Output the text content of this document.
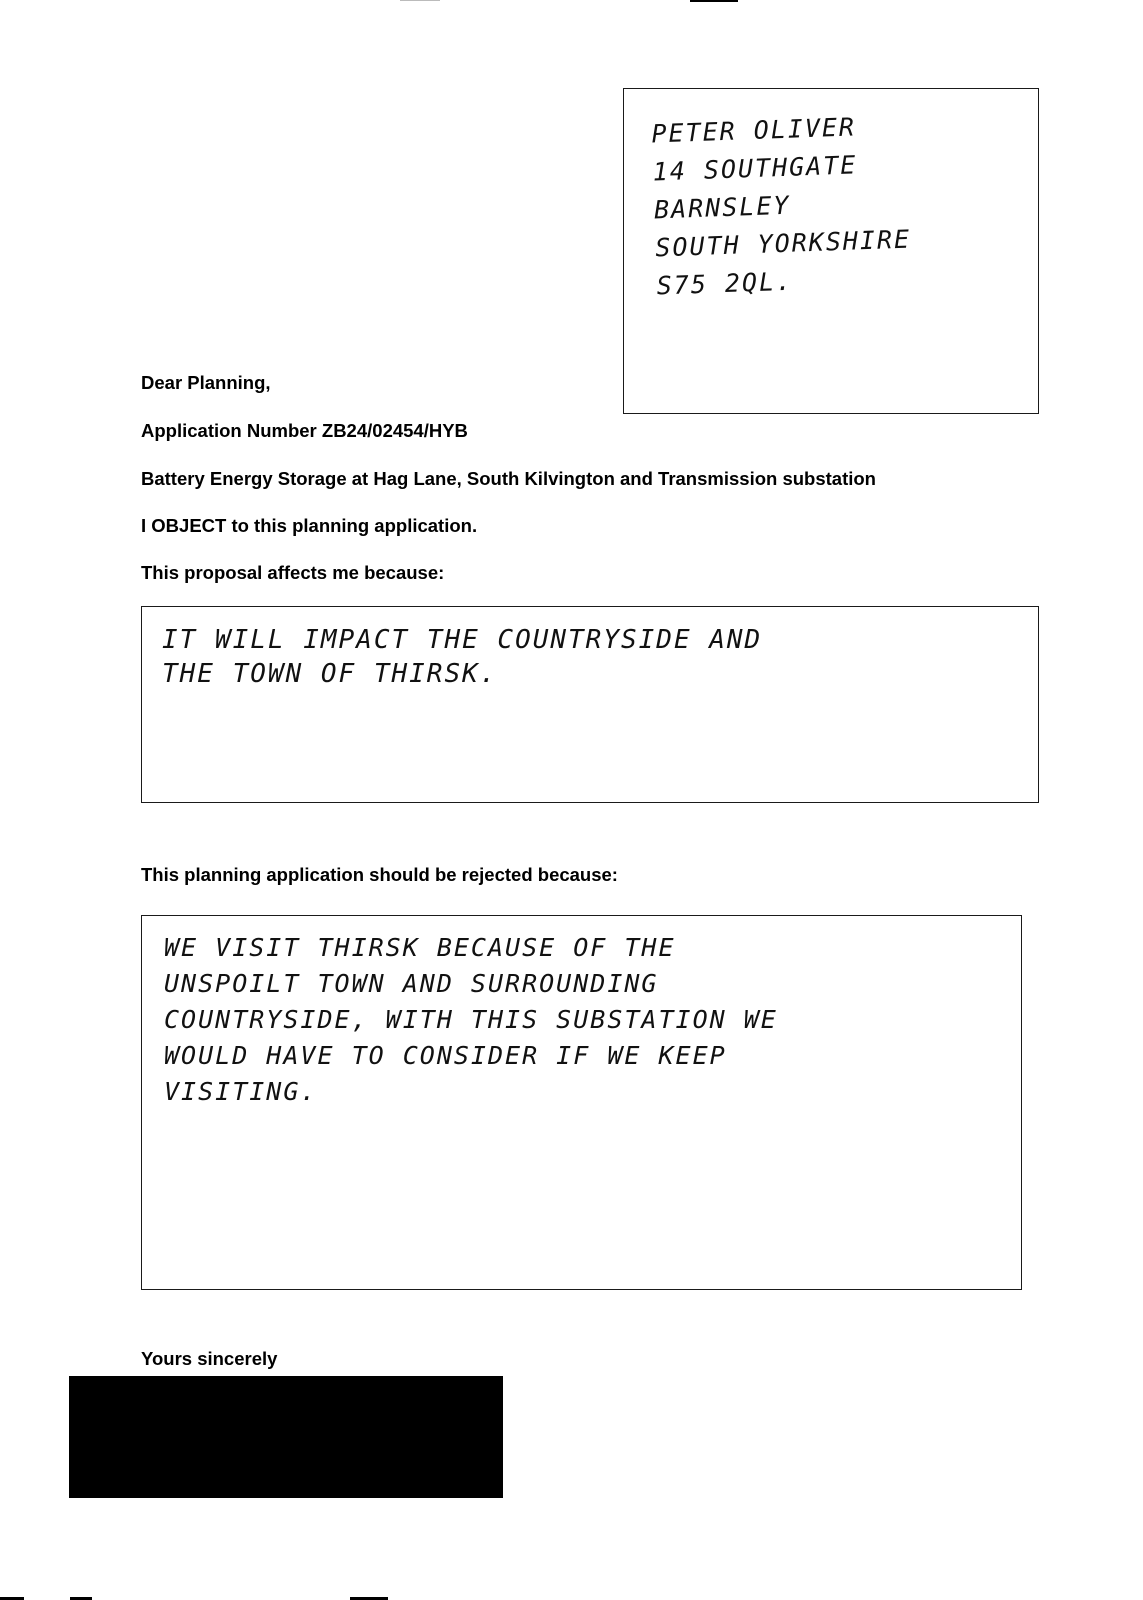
PETER OLIVER
14 SOUTHGATE
BARNSLEY
SOUTH YORKSHIRE
S75 2QL.

Dear Planning,

Application Number ZB24/02454/HYB

Battery Energy Storage at Hag Lane, South Kilvington and Transmission substation

I OBJECT to this planning application.

This proposal affects me because:

IT WILL IMPACT THE COUNTRYSIDE AND
THE TOWN OF THIRSK.

This planning application should be rejected because:

WE VISIT THIRSK BECAUSE OF THE
UNSPOILT TOWN AND SURROUNDING
COUNTRYSIDE, WITH THIS SUBSTATION WE
WOULD HAVE TO CONSIDER IF WE KEEP
VISITING.

Yours sincerely
